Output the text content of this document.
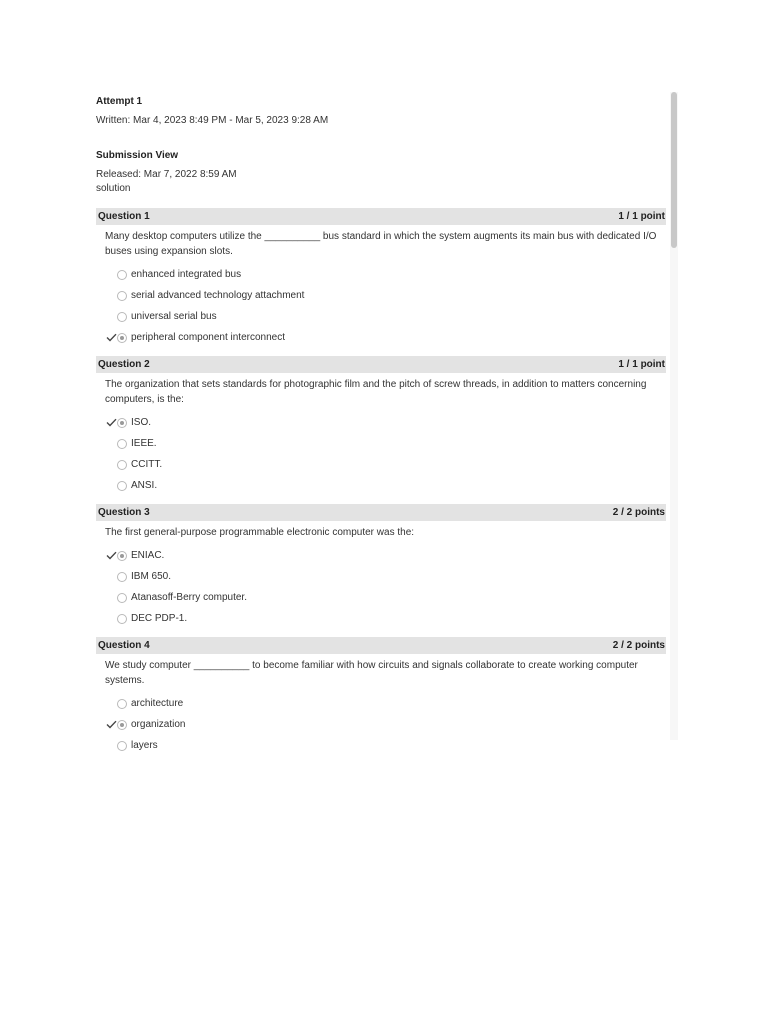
Attempt 1
Written: Mar 4, 2023 8:49 PM - Mar 5, 2023 9:28 AM
Submission View
Released: Mar 7, 2022 8:59 AM
solution
Question 1	1 / 1 point
Many desktop computers utilize the __________ bus standard in which the system augments its main bus with dedicated I/O buses using expansion slots.
enhanced integrated bus
serial advanced technology attachment
universal serial bus
peripheral component interconnect
Question 2	1 / 1 point
The organization that sets standards for photographic film and the pitch of screw threads, in addition to matters concerning computers, is the:
ISO.
IEEE.
CCITT.
ANSI.
Question 3	2 / 2 points
The first general-purpose programmable electronic computer was the:
ENIAC.
IBM 650.
Atanasoff-Berry computer.
DEC PDP-1.
Question 4	2 / 2 points
We study computer __________ to become familiar with how circuits and signals collaborate to create working computer systems.
architecture
organization
layers
